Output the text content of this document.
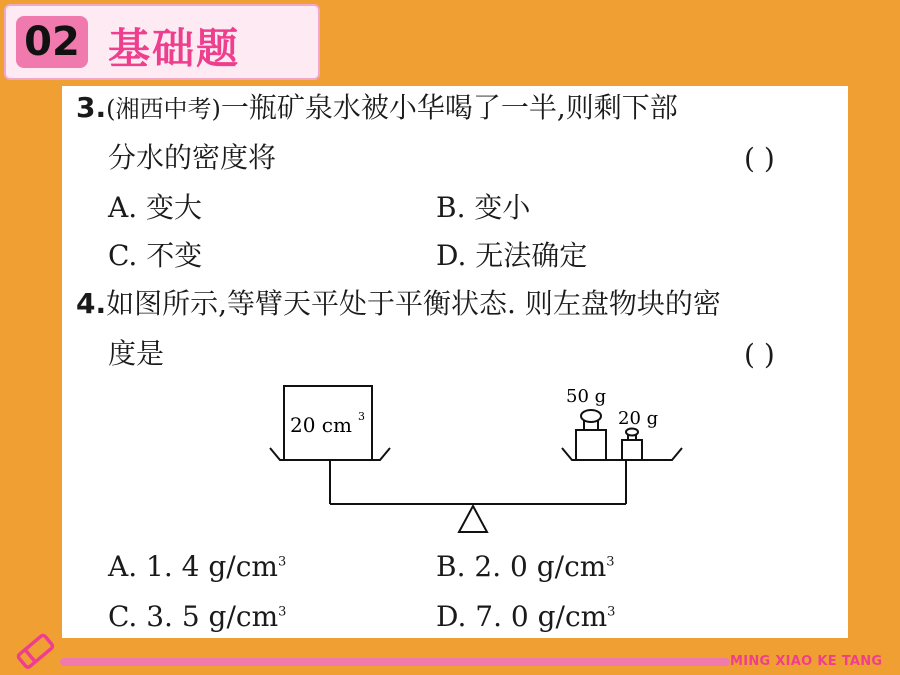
02 基础题
3.(湘西中考)一瓶矿泉水被小华喝了一半,则剩下部
分水的密度将	( )
A. 变大	B. 变小
C. 不变	D. 无法确定
4.如图所示,等臂天平处于平衡状态. 则左盘物块的密
度是	( )
20 cm 3
50 g
20 g
A. 1. 4 $g/cm^3$	B. 2. 0 $g/cm^3$
C. 3. 5 $g/cm^3$	D. 7. 0 $g/cm^3$
MING XIAO KE TANG
